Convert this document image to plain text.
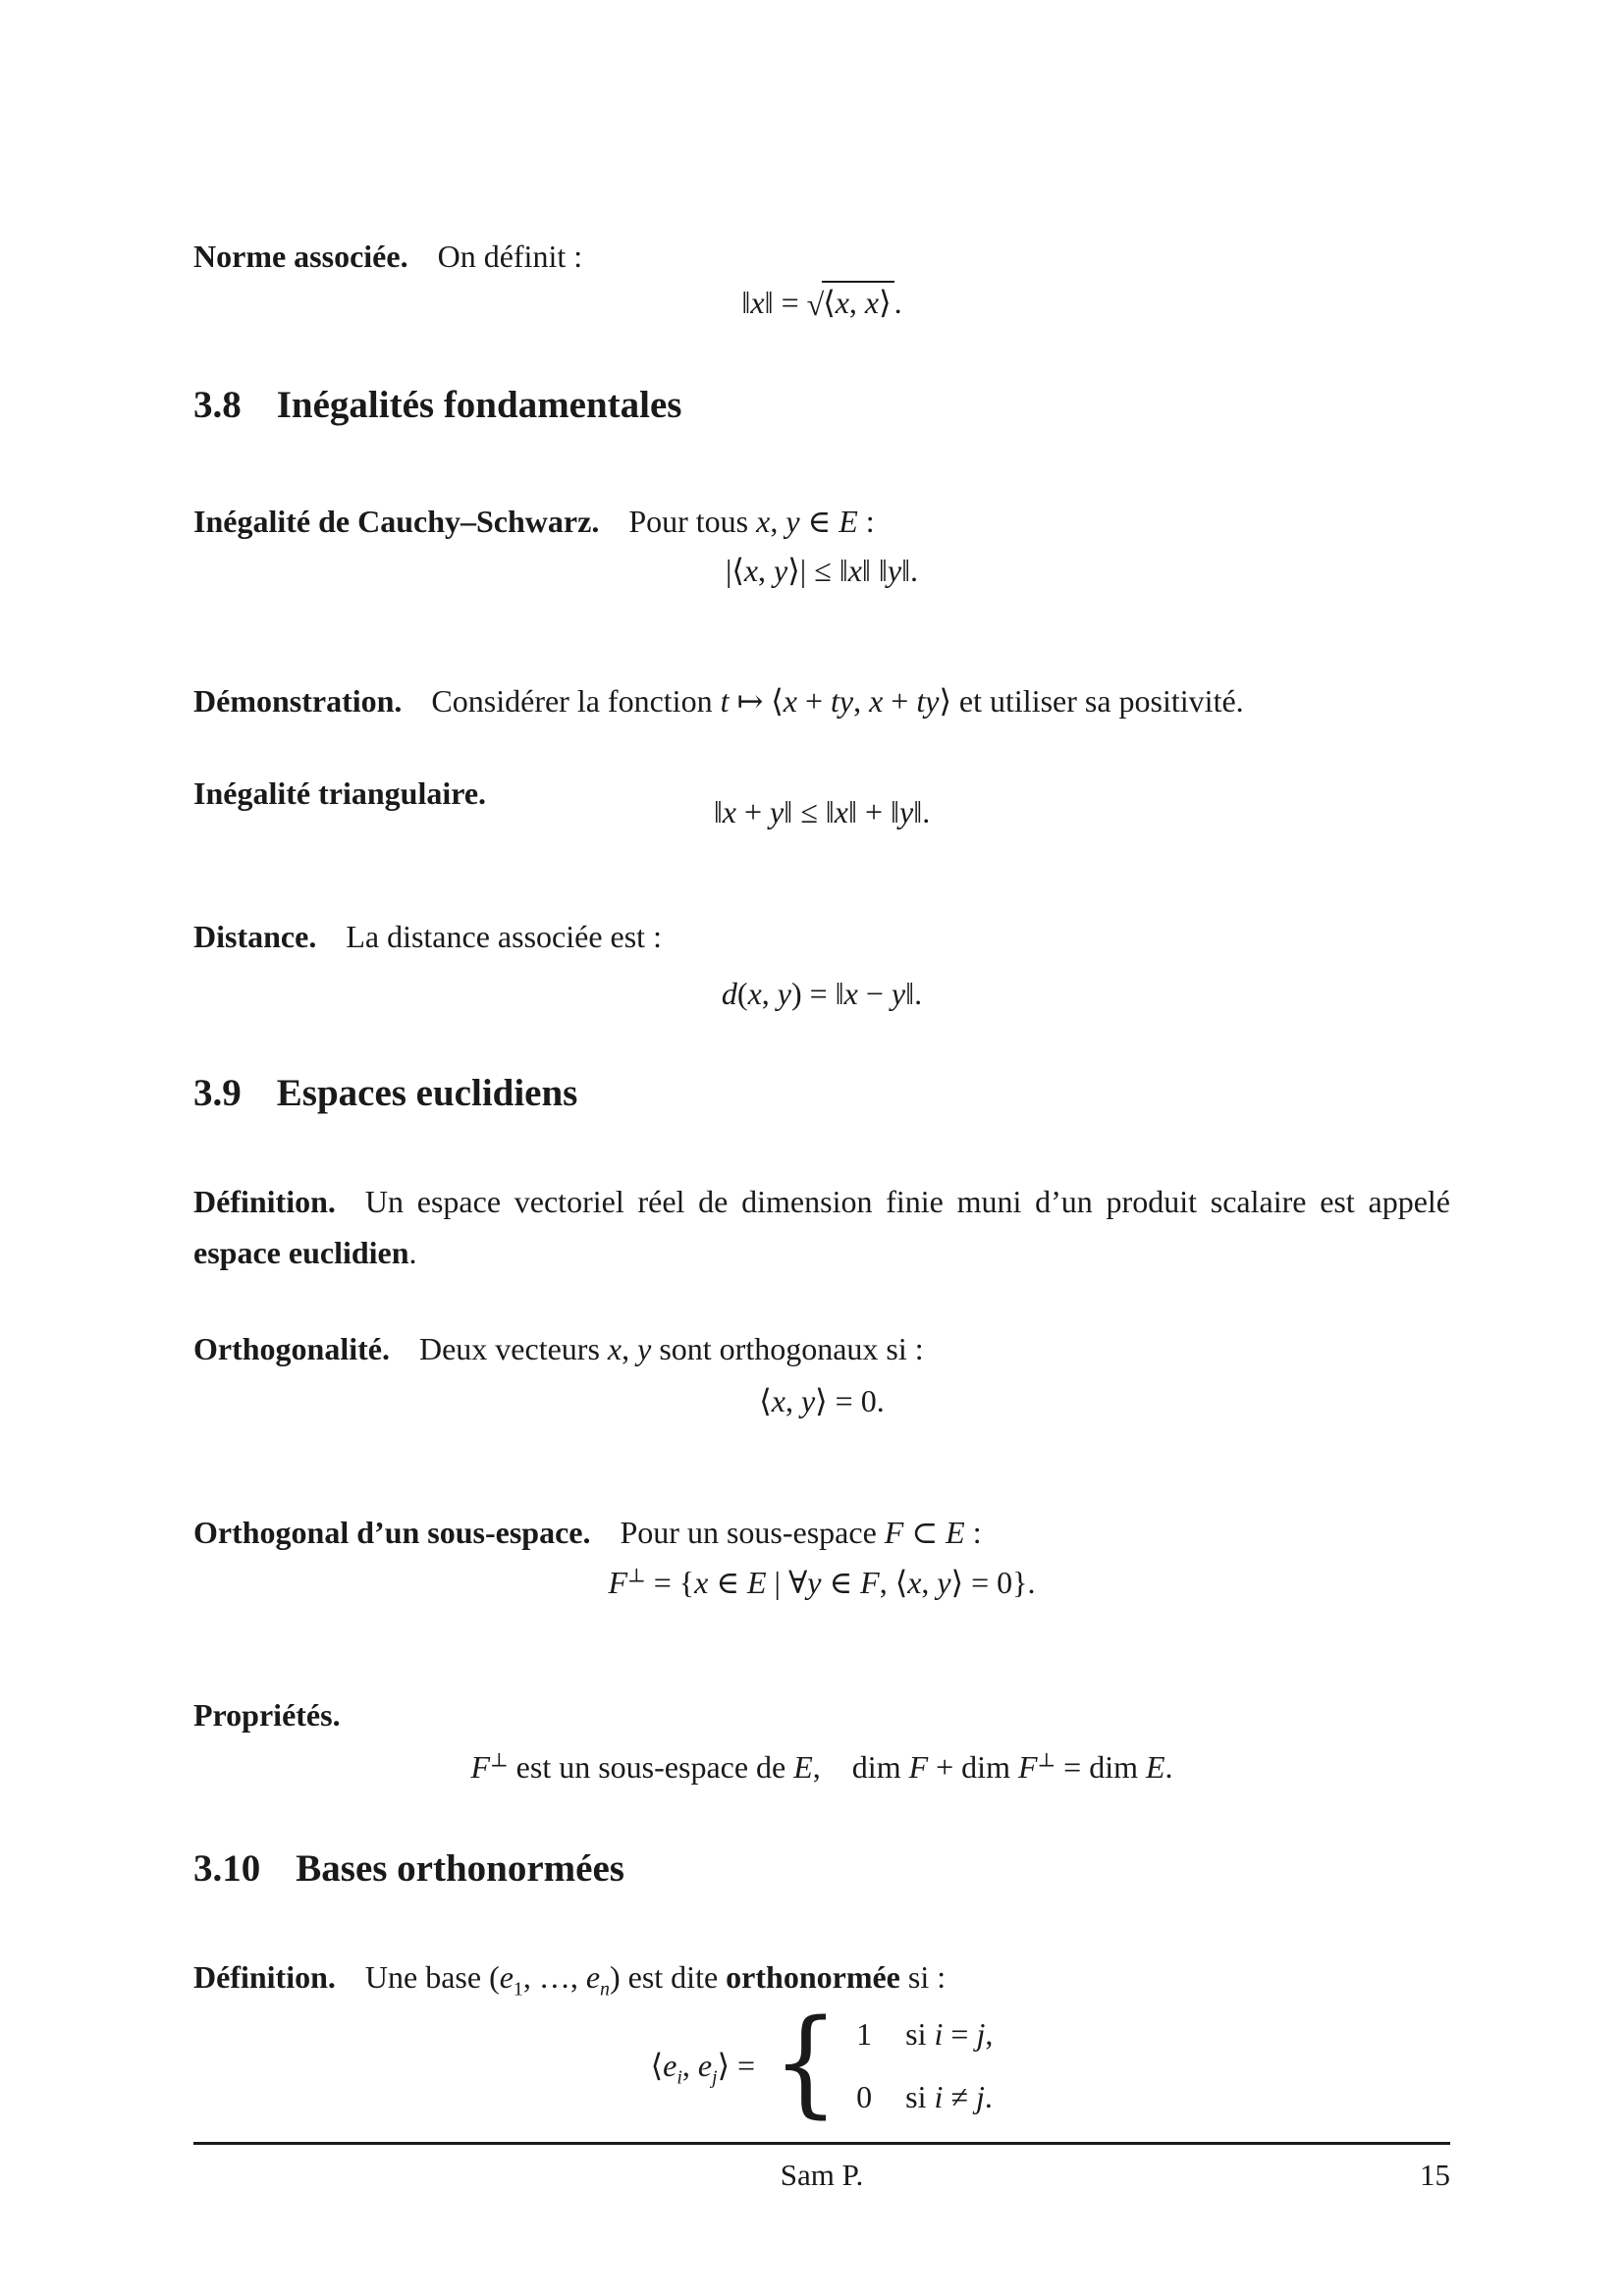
Norme associée. On définit :

‖x‖ = √⟨x, x⟩.
3.8 Inégalités fondamentales

Inégalité de Cauchy–Schwarz. Pour tous x, y ∈ E :

|⟨x, y⟩| ≤ ‖x‖ ‖y‖.

Démonstration. Considérer la fonction t ↦ ⟨x + ty, x + ty⟩ et utiliser sa positivité.

Inégalité triangulaire.

‖x + y‖ ≤ ‖x‖ + ‖y‖.

Distance. La distance associée est :

d(x, y) = ‖x − y‖.
3.9 Espaces euclidiens

Définition. Un espace vectoriel réel de dimension finie muni d’un produit scalaire est appelé espace euclidien.

Orthogonalité. Deux vecteurs x, y sont orthogonaux si :

⟨x, y⟩ = 0.

Orthogonal d’un sous-espace. Pour un sous-espace F ⊂ E :

F⊥ = {x ∈ E | ∀y ∈ F, ⟨x, y⟩ = 0}.

Propriétés.

F⊥ est un sous-espace de E, dim F + dim F⊥ = dim E.
3.10 Bases orthonormées

Définition. Une base ($e_1$, …, $e_n$) est dite orthonormée si :

$⟨e_i$, $e_j⟩$ = { 1 si i = j,
0 si i ≠ j.
Sam P.	15
